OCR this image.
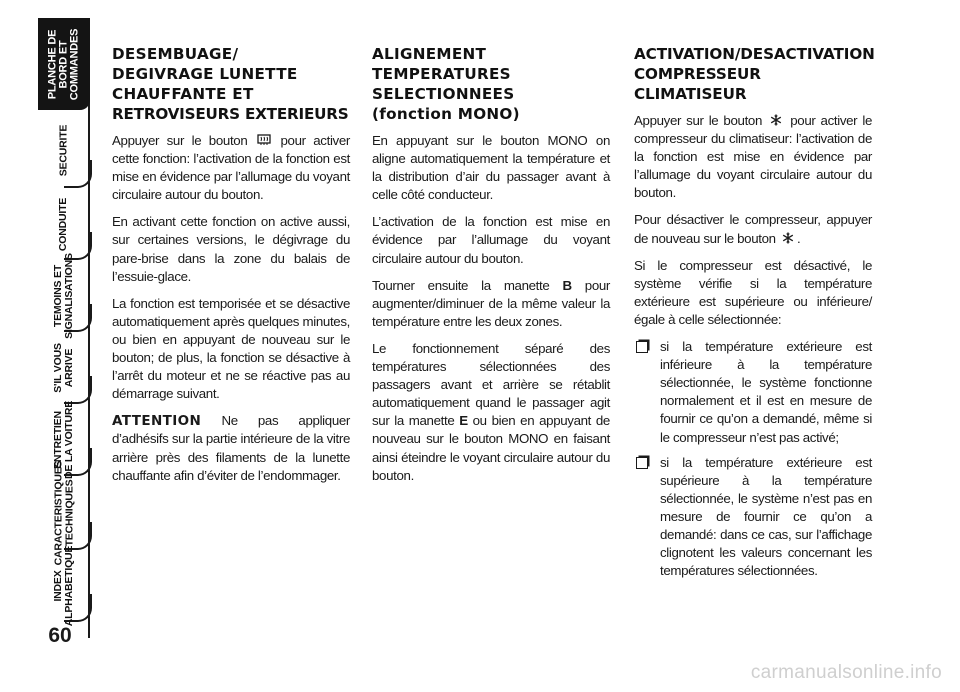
PLANCHE DE
BORD ET
COMMANDES
SECURITE
CONDUITE
TEMOINS ET
SIGNALISATIONS
S'IL VOUS
ARRIVE
ENTRETIEN
DE LA VOITURE
CARACTERISTIQUES
TECHNIQUES
INDEX
ALPHABETIQUE
60
DESEMBUAGE/
DEGIVRAGE LUNETTE
CHAUFFANTE ET
RETROVISEURS EXTERIEURS

Appuyer sur le bouton pour activer cette fonction: l’activation de la fonction est mise en évidence par l’allumage du voyant circulaire autour du bouton.

En activant cette fonction on active aussi, sur certaines versions, le dégivrage du pare-brise dans la zone du balais de l’essuie-glace.

La fonction est temporisée et se désactive automatiquement après quelques minutes, ou bien en appuyant de nouveau sur le bouton; de plus, la fonction se désactive à l’arrêt du moteur et ne se réactive pas au démarrage suivant.

ATTENTION Ne pas appliquer d’adhésifs sur la partie intérieure de la vitre arrière près des filaments de la lunette chauffante afin d’éviter de l’endommager.

ALIGNEMENT
TEMPERATURES
SELECTIONNEES
(fonction MONO)

En appuyant sur le bouton MONO on aligne automatiquement la température et la distribution d’air du passager avant à celle côté conducteur.

L’activation de la fonction est mise en évidence par l’allumage du voyant circulaire autour du bouton.

Tourner ensuite la manette B pour augmenter/diminuer de la même valeur la température entre les deux zones.

Le fonctionnement séparé des températures sélectionnées des passagers avant et arrière se rétablit automatiquement quand le passager agit sur la manette E ou bien en appuyant de nouveau sur le bouton MONO en faisant ainsi éteindre le voyant circulaire autour du bouton.

ACTIVATION/DESACTIVATION
COMPRESSEUR CLIMATISEUR

Appuyer sur le bouton pour activer le compresseur du climatiseur: l’activation de la fonction est mise en évidence par l’allumage du voyant circulaire autour du bouton.

Pour désactiver le compresseur, appuyer de nouveau sur le bouton .

Si le compresseur est désactivé, le système vérifie si la température extérieure est supérieure ou inférieure/égale à celle sélectionnée:

si la température extérieure est inférieure à la température sélectionnée, le système fonctionne normalement et il est en mesure de fournir ce qu’on a demandé, même si le compresseur n’est pas activé;
si la température extérieure est supérieure à la température sélectionnée, le système n’est pas en mesure de fournir ce qu’on a demandé: dans ce cas, sur l’affichage clignotent les valeurs concernant les températures sélectionnées.
carmanualsonline.info
